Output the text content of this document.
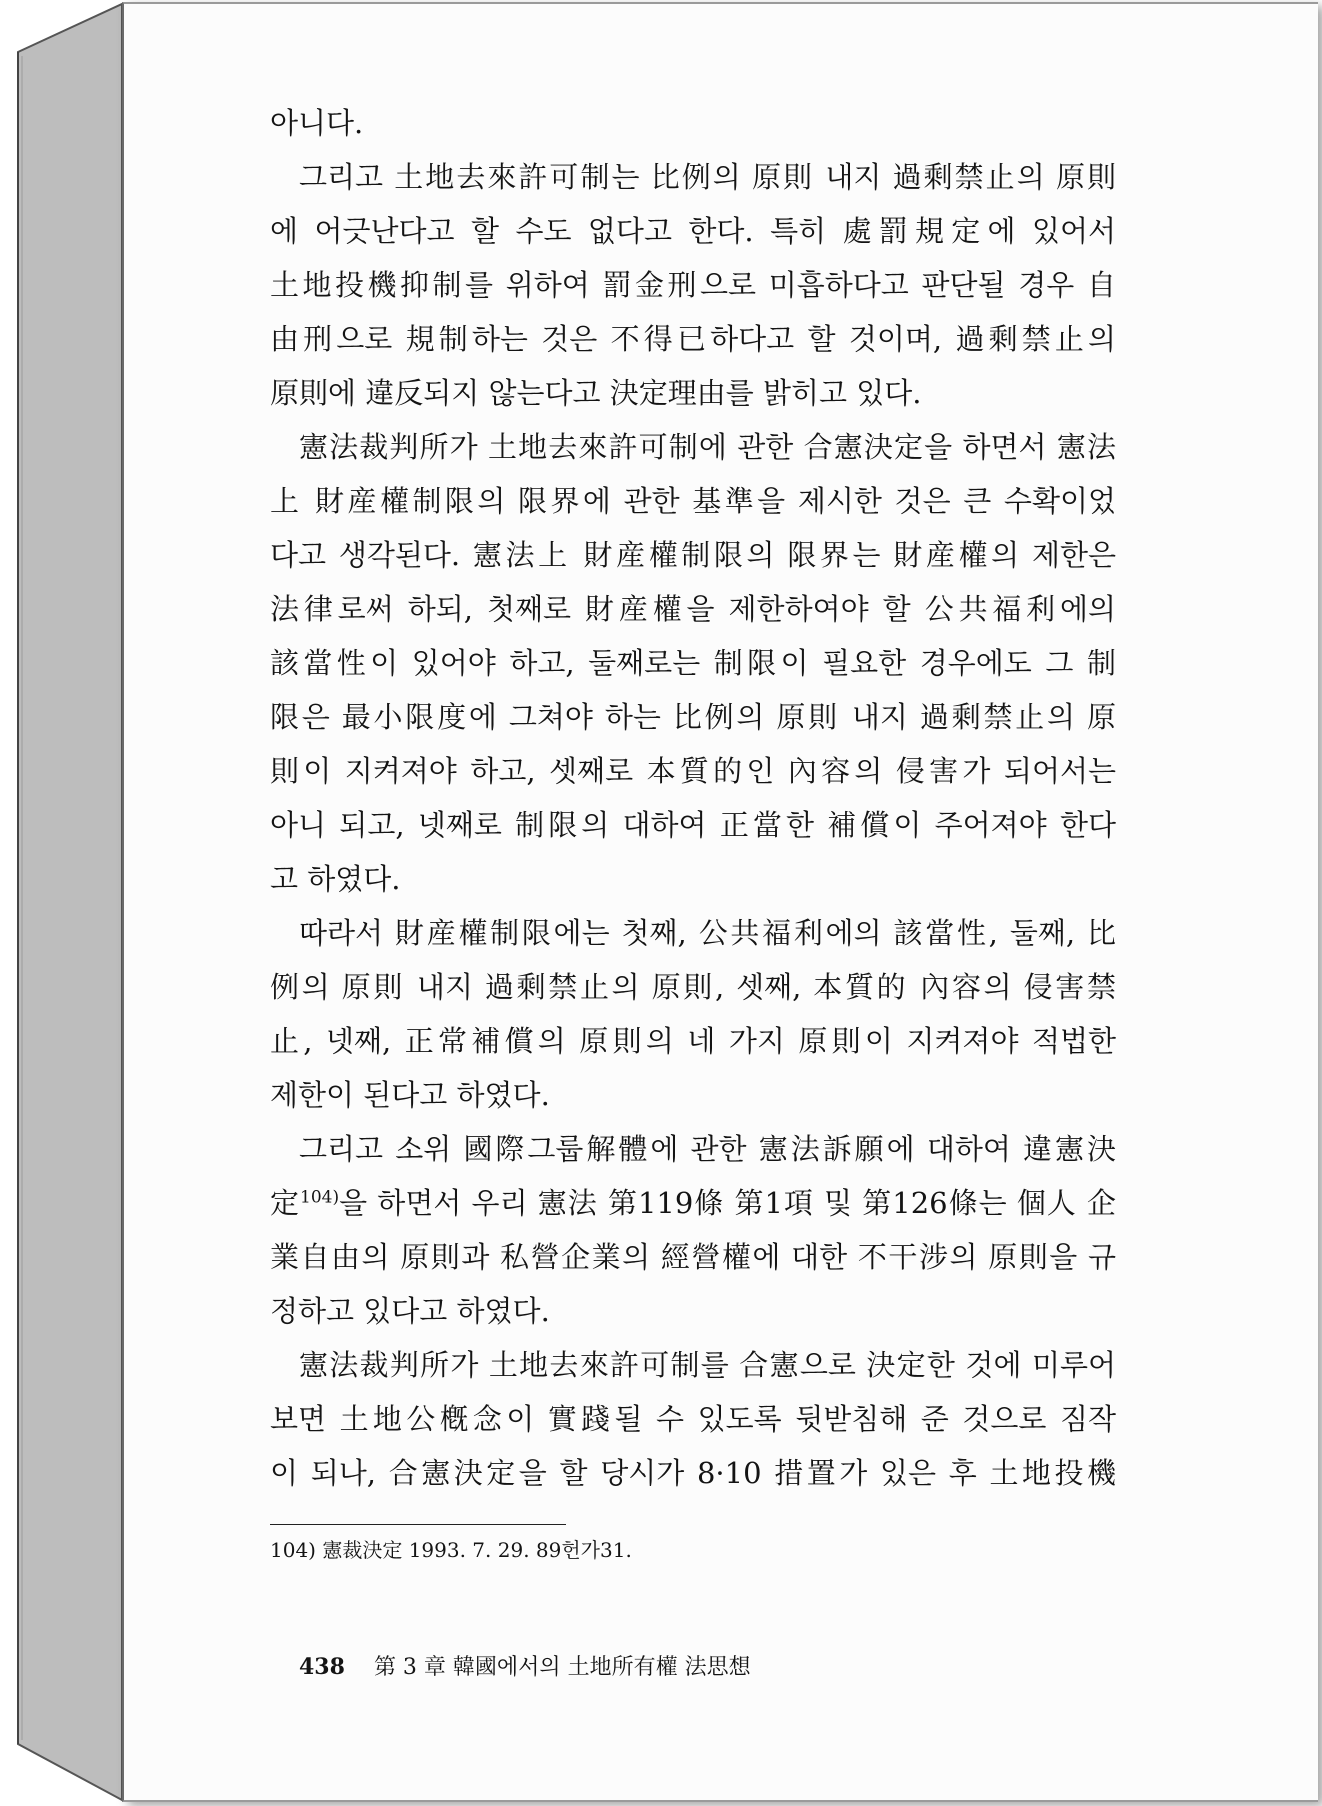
아니다.
그리고 土地去來許可制는 比例의 原則 내지 過剩禁止의 原則
에 어긋난다고 할 수도 없다고 한다. 특히 處罰規定에 있어서
土地投機抑制를 위하여 罰金刑으로 미흡하다고 판단될 경우 自
由刑으로 規制하는 것은 不得已하다고 할 것이며, 過剩禁止의
原則에 違反되지 않는다고 決定理由를 밝히고 있다.
憲法裁判所가 土地去來許可制에 관한 合憲決定을 하면서 憲法
上 財産權制限의 限界에 관한 基準을 제시한 것은 큰 수확이었
다고 생각된다. 憲法上 財産權制限의 限界는 財産權의 제한은
法律로써 하되, 첫째로 財産權을 제한하여야 할 公共福利에의
該當性이 있어야 하고, 둘째로는 制限이 필요한 경우에도 그 制
限은 最小限度에 그쳐야 하는 比例의 原則 내지 過剩禁止의 原
則이 지켜져야 하고, 셋째로 本質的인 內容의 侵害가 되어서는
아니 되고, 넷째로 制限의 대하여 正當한 補償이 주어져야 한다
고 하였다.
따라서 財産權制限에는 첫째, 公共福利에의 該當性, 둘째, 比
例의 原則 내지 過剩禁止의 原則, 셋째, 本質的 內容의 侵害禁
止, 넷째, 正常補償의 原則의 네 가지 原則이 지켜져야 적법한
제한이 된다고 하였다.
그리고 소위 國際그룹解體에 관한 憲法訴願에 대하여 違憲決
定$^{104)}$을 하면서 우리 憲法 第119條 第1項 및 第126條는 個人 企
業自由의 原則과 私營企業의 經營權에 대한 不干涉의 原則을 규
정하고 있다고 하였다.
憲法裁判所가 土地去來許可制를 合憲으로 決定한 것에 미루어
보면 土地公槪念이 實踐될 수 있도록 뒷받침해 준 것으로 짐작
이 되나, 合憲決定을 할 당시가 8·10 措置가 있은 후 土地投機
104) 憲裁決定 1993. 7. 29. 89헌가31.
438 第 3 章 韓國에서의 土地所有權 法思想
